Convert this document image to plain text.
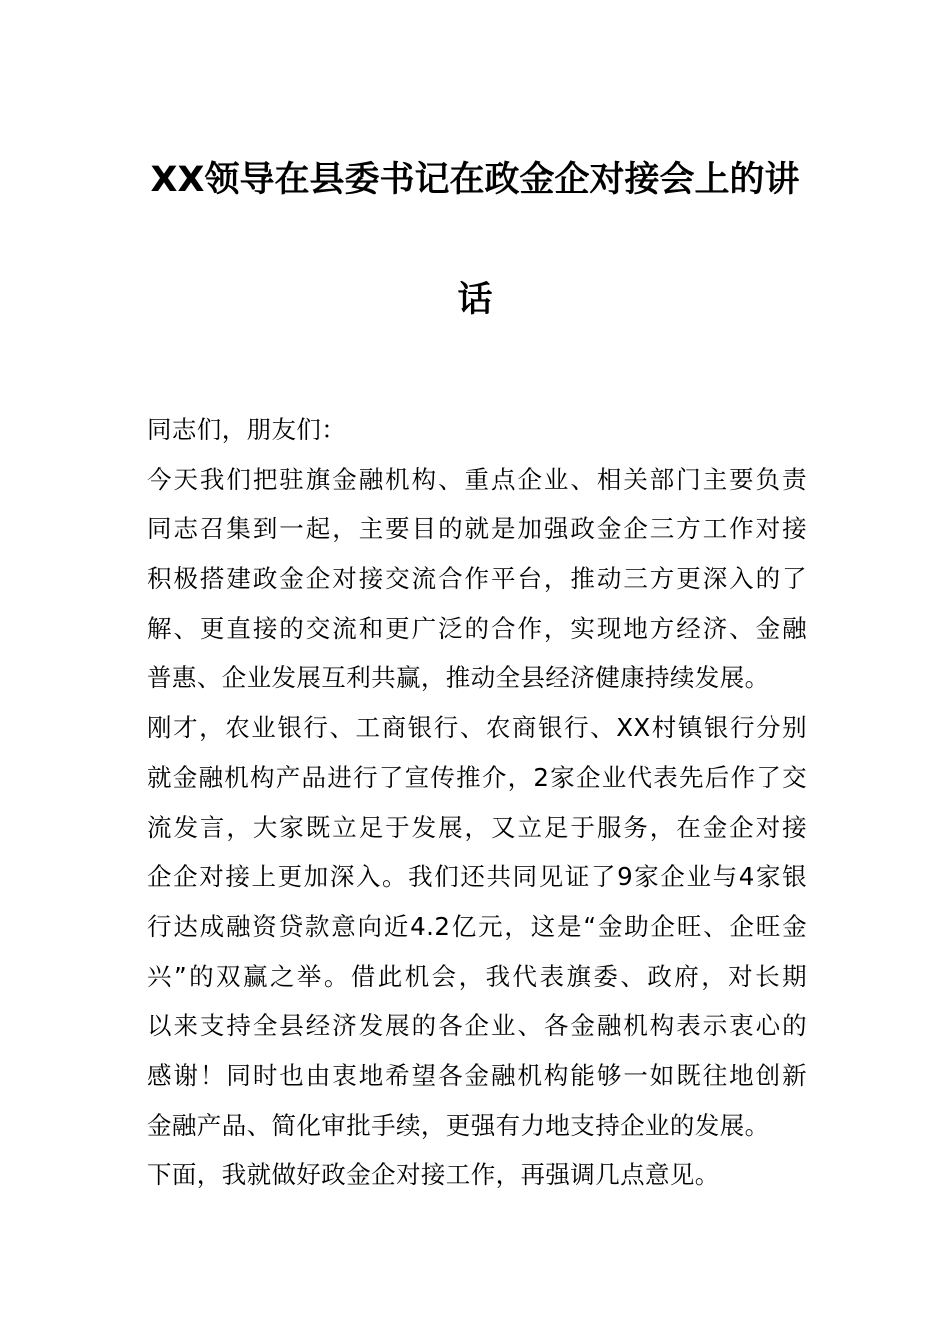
XX领导在县委书记在政金企对接会上的讲
话

同志们，朋友们：

今天我们把驻旗金融机构、重点企业、相关部门主要负责

同志召集到一起，主要目的就是加强政金企三方工作对接

积极搭建政金企对接交流合作平台，推动三方更深入的了

解、更直接的交流和更广泛的合作，实现地方经济、金融

普惠、企业发展互利共赢，推动全县经济健康持续发展。

刚才，农业银行、工商银行、农商银行、XX村镇银行分别

就金融机构产品进行了宣传推介，2家企业代表先后作了交

流发言，大家既立足于发展，又立足于服务，在金企对接

企企对接上更加深入。我们还共同见证了9家企业与4家银

行达成融资贷款意向近4.2亿元，这是“金助企旺、企旺金

兴”的双赢之举。借此机会，我代表旗委、政府，对长期

以来支持全县经济发展的各企业、各金融机构表示衷心的

感谢！同时也由衷地希望各金融机构能够一如既往地创新

金融产品、简化审批手续，更强有力地支持企业的发展。

下面，我就做好政金企对接工作，再强调几点意见。
